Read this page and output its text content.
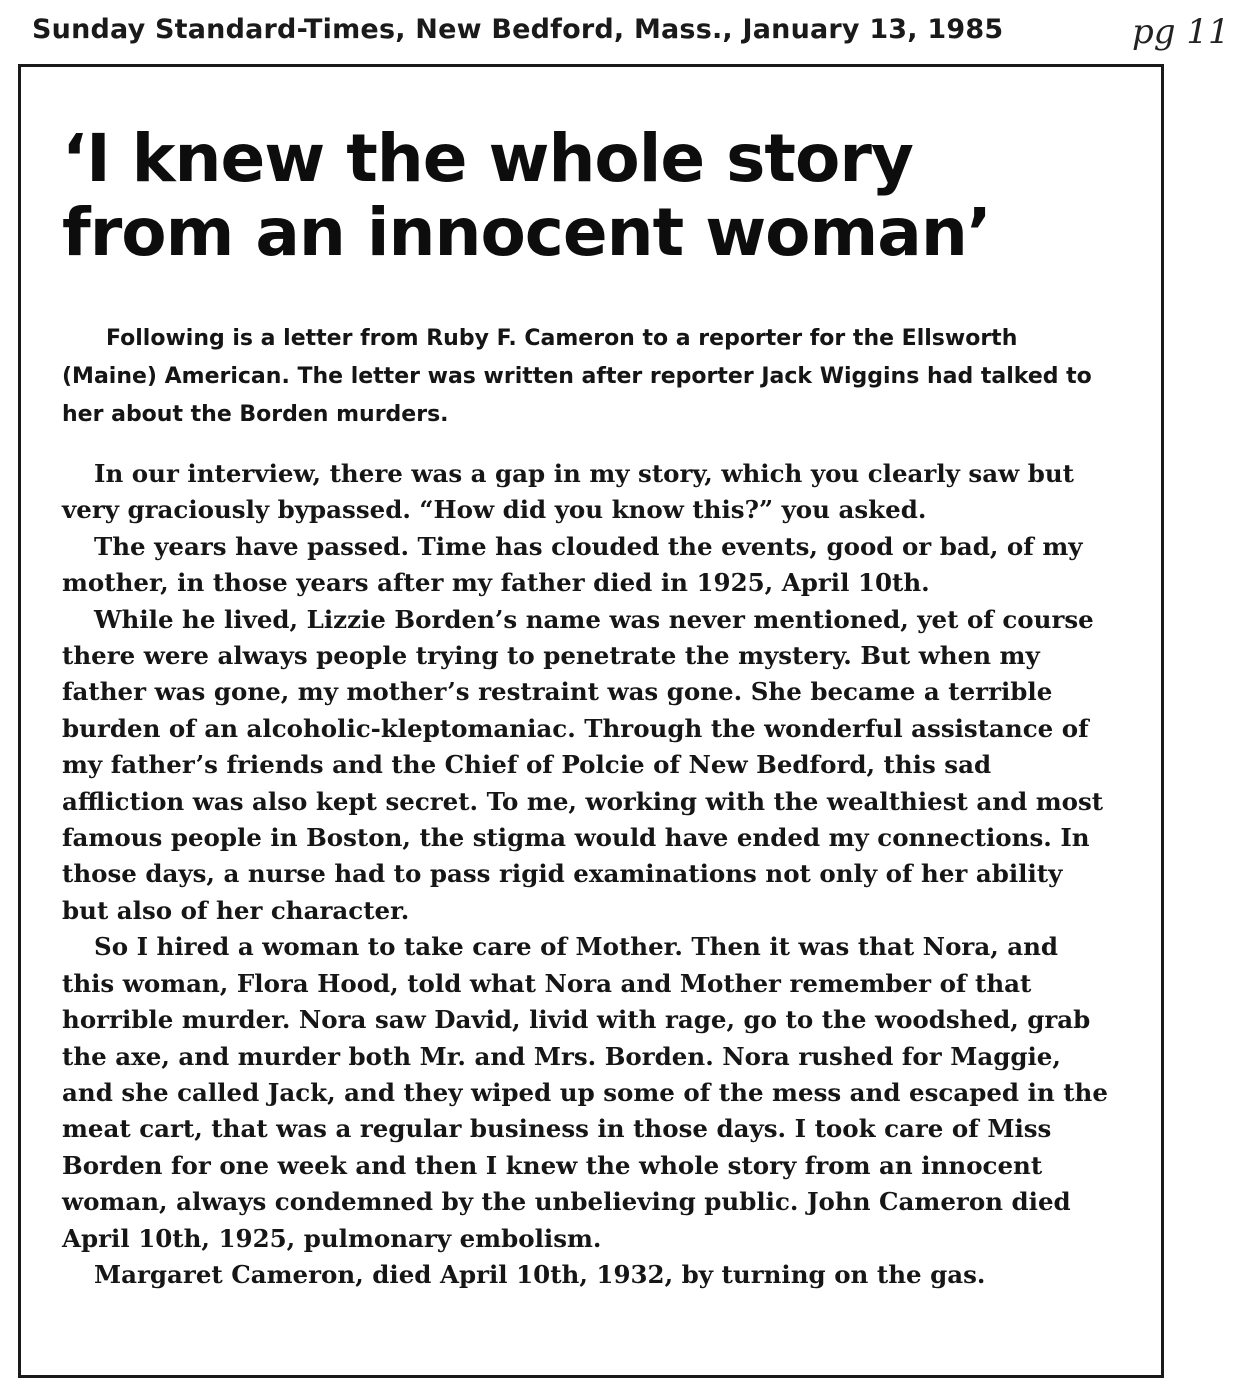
Sunday Standard-Times, New Bedford, Mass., January 13, 1985	pg 11
‘I knew the whole story
from an innocent woman’

Following is a letter from Ruby F. Cameron to a reporter for the Ellsworth (Maine) American. The letter was written after reporter Jack Wiggins had talked to her about the Borden murders.

In our interview, there was a gap in my story, which you clearly saw but very graciously bypassed. “How did you know this?” you asked.

The years have passed. Time has clouded the events, good or bad, of my mother, in those years after my father died in 1925, April 10th.

While he lived, Lizzie Borden’s name was never mentioned, yet of course there were always people trying to penetrate the mystery. But when my father was gone, my mother’s restraint was gone. She became a terrible burden of an alcoholic-kleptomaniac. Through the wonderful assistance of my father’s friends and the Chief of Polcie of New Bedford, this sad affliction was also kept secret. To me, working with the wealthiest and most famous people in Boston, the stigma would have ended my connections. In those days, a nurse had to pass rigid examinations not only of her ability but also of her character.

So I hired a woman to take care of Mother. Then it was that Nora, and this woman, Flora Hood, told what Nora and Mother remember of that horrible murder. Nora saw David, livid with rage, go to the woodshed, grab the axe, and murder both Mr. and Mrs. Borden. Nora rushed for Maggie, and she called Jack, and they wiped up some of the mess and escaped in the meat cart, that was a regular business in those days. I took care of Miss Borden for one week and then I knew the whole story from an innocent woman, always condemned by the unbelieving public. John Cameron died April 10th, 1925, pulmonary embolism.

Margaret Cameron, died April 10th, 1932, by turning on the gas.
